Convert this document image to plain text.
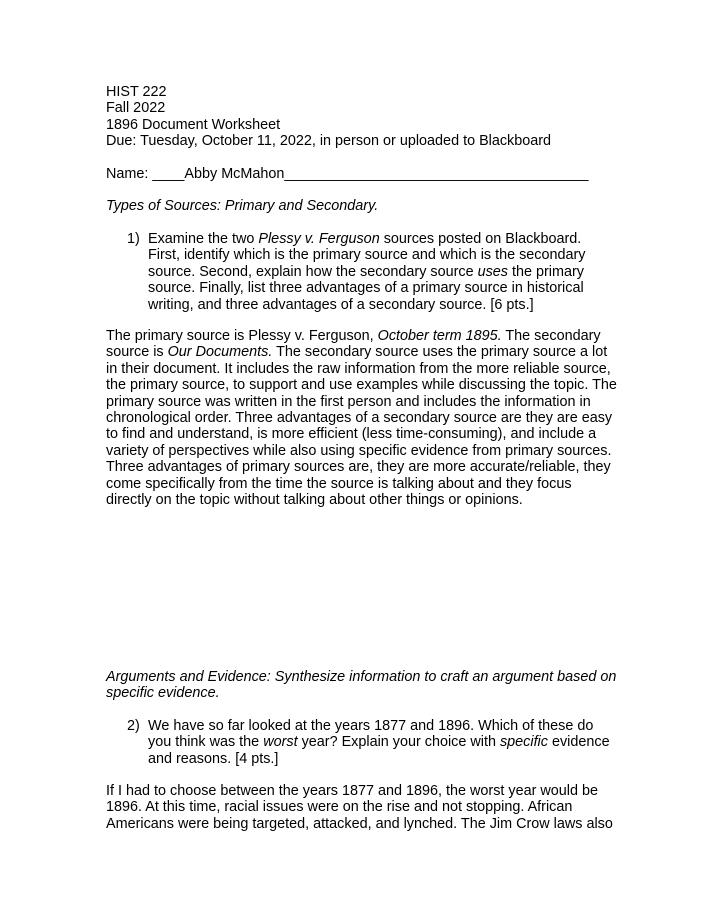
HIST 222
Fall 2022
1896 Document Worksheet
Due: Tuesday, October 11, 2022, in person or uploaded to Blackboard
Name: ____Abby McMahon______________________________________
Types of Sources: Primary and Secondary.
1) Examine the two Plessy v. Ferguson sources posted on Blackboard. First, identify which is the primary source and which is the secondary source. Second, explain how the secondary source uses the primary source. Finally, list three advantages of a primary source in historical writing, and three advantages of a secondary source. [6 pts.]
The primary source is Plessy v. Ferguson, October term 1895. The secondary source is Our Documents. The secondary source uses the primary source a lot in their document. It includes the raw information from the more reliable source, the primary source, to support and use examples while discussing the topic. The primary source was written in the first person and includes the information in chronological order. Three advantages of a secondary source are they are easy to find and understand, is more efficient (less time-consuming), and include a variety of perspectives while also using specific evidence from primary sources. Three advantages of primary sources are, they are more accurate/reliable, they come specifically from the time the source is talking about and they focus directly on the topic without talking about other things or opinions.
Arguments and Evidence: Synthesize information to craft an argument based on specific evidence.
2) We have so far looked at the years 1877 and 1896. Which of these do you think was the worst year? Explain your choice with specific evidence and reasons. [4 pts.]
If I had to choose between the years 1877 and 1896, the worst year would be 1896. At this time, racial issues were on the rise and not stopping. African Americans were being targeted, attacked, and lynched. The Jim Crow laws also
